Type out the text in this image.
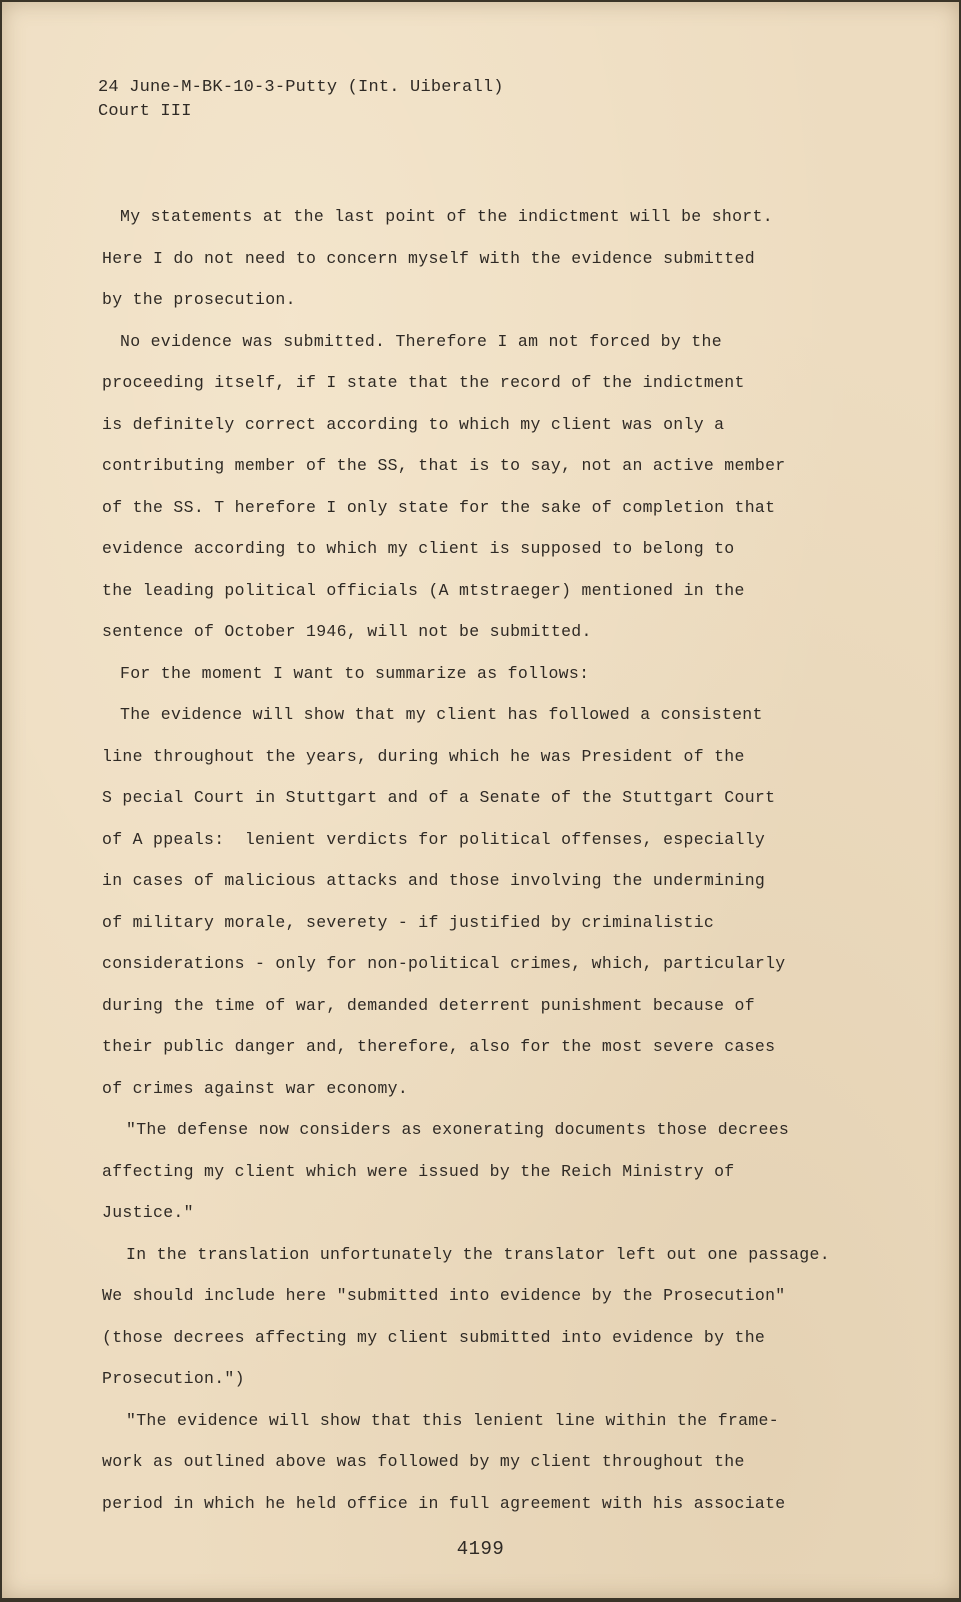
24 June-M-BK-10-3-Putty (Int. Uiberall)
Court III
My statements at the last point of the indictment will be short.
Here I do not need to concern myself with the evidence submitted
by the prosecution.
No evidence was submitted. Therefore I am not forced by the
proceeding itself, if I state that the record of the indictment
is definitely correct according to which my client was only a
contributing member of the SS, that is to say, not an active member
of the SS. T herefore I only state for the sake of completion that
evidence according to which my client is supposed to belong to
the leading political officials (A mtstraeger) mentioned in the
sentence of October 1946, will not be submitted.
For the moment I want to summarize as follows:
The evidence will show that my client has followed a consistent
line throughout the years, during which he was President of the
S pecial Court in Stuttgart and of a Senate of the Stuttgart Court
of A ppeals:  lenient verdicts for political offenses, especially
in cases of malicious attacks and those involving the undermining
of military morale, severety - if justified by criminalistic
considerations - only for non-political crimes, which, particularly
during the time of war, demanded deterrent punishment because of
their public danger and, therefore, also for the most severe cases
of crimes against war economy.
"The defense now considers as exonerating documents those decrees
affecting my client which were issued by the Reich Ministry of
Justice."
In the translation unfortunately the translator left out one passage.
We should include here "submitted into evidence by the Prosecution"
(those decrees affecting my client submitted into evidence by the
Prosecution.")
"The evidence will show that this lenient line within the frame-
work as outlined above was followed by my client throughout the
period in which he held office in full agreement with his associate
4199
